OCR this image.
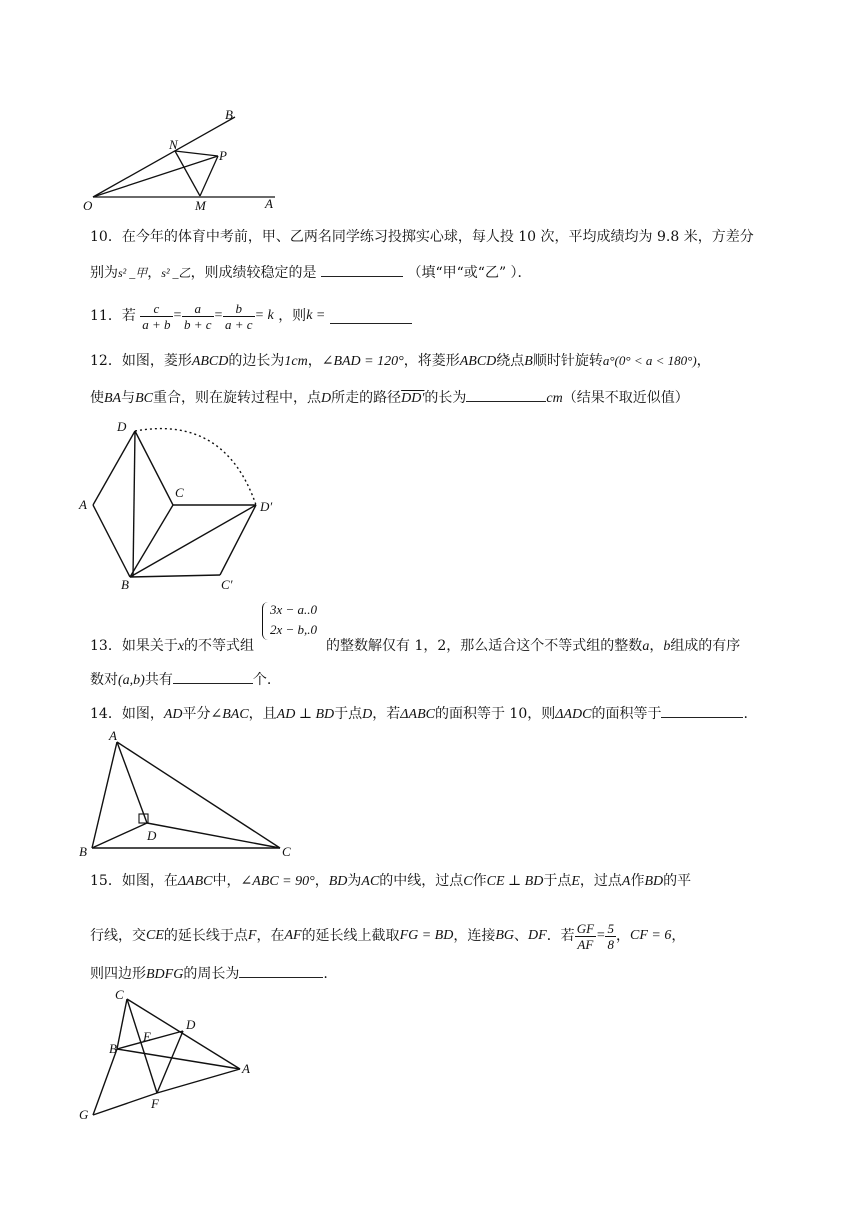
B
N
P
O	M	A
10．在今年的体育中考前，甲、乙两名同学练习投掷实心球，每人投 10 次，平均成绩均为 9.8 米，方差分
别为s² _甲，s² _乙，则成绩较稳定的是	（填“甲“或“乙” ）．
11．若 $\frac{c}{a + b} = \frac{a}{b + c} = \frac{b}{a + c} = k$ ，则k =
12．如图，菱形ABCD的边长为1cm，∠BAD = 120°，将菱形ABCD绕点B顺时针旋转a°(0° < a < 180°)，
使BA与BC重合，则在旋转过程中，点D所走的路径DD′的长为	cm（结果不取近似值）
D
A
C
D′
B	C′
3x − a..0
2x − b,.0
13．如果关于x的不等式组	的整数解仅有 1，2，那么适合这个不等式组的整数a，b组成的有序
数对(a,b)共有	个.
14．如图，AD平分∠BAC，且AD ⊥ BD于点D，若ΔABC的面积等于 10，则ΔADC的面积等于	.
A
D
B	C
15．如图，在ΔABC中，∠ABC = 90°，BD为AC的中线，过点C作CE ⊥ BD于点E，过点A作BD的平
行线，交CE的延长线于点F，在AF的延长线上截取FG = BD，连接BG、DF．若 $\frac{GF}{AF} = \frac{5}{8}$ ，CF = 6，
则四边形BDFG的周长为	.
C
D
E
B
A
F
G
